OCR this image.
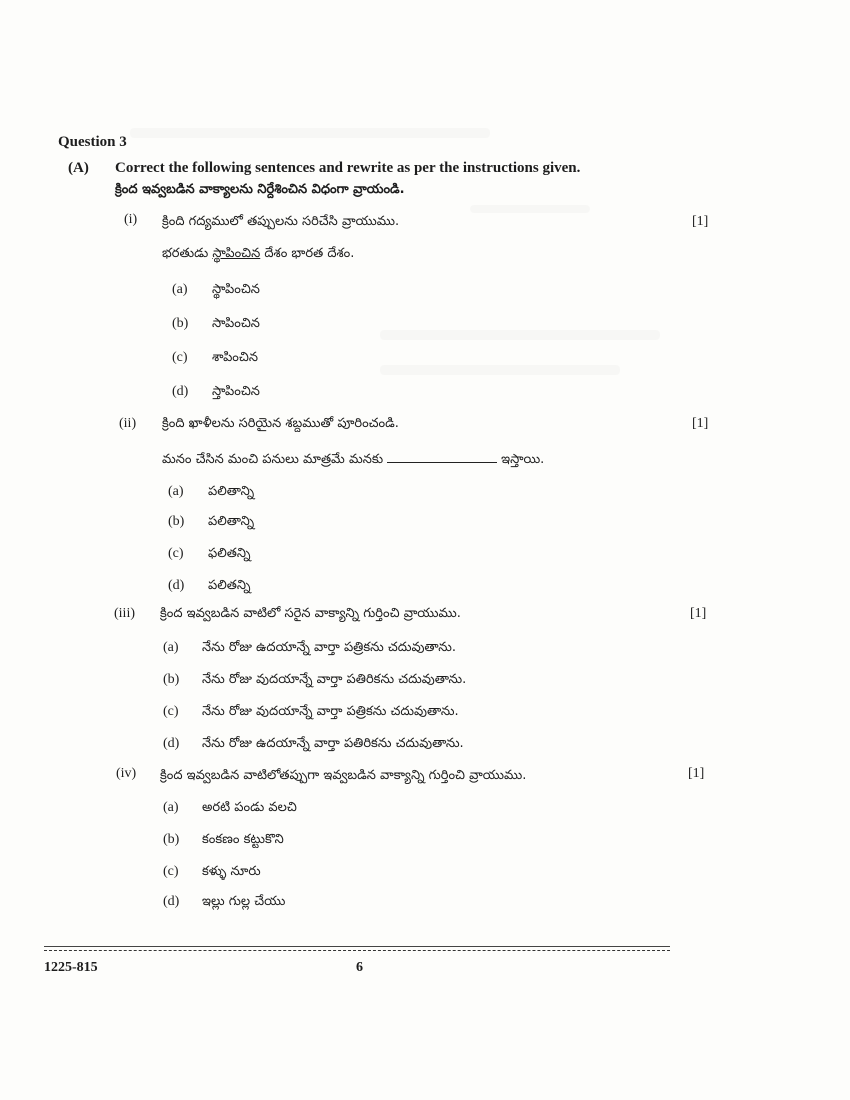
Question 3
(A) Correct the following sentences and rewrite as per the instructions given.
క్రింద ఇవ్వబడిన వాక్యాలను నిర్దేశించిన విధంగా వ్రాయండి.
(i) క్రింది గద్యములో తప్పులను సరిచేసి వ్రాయుము.	[1]
భరతుడు స్థాపించిన దేశం భారత దేశం.
(a) స్థాపించిన
(b) సాపించిన
(c) శాపించిన
(d) స్తాపించిన
(ii) క్రింది ఖాళీలను సరియైన శబ్దముతో పూరించండి.	[1]
మనం చేసిన మంచి పనులు మాత్రమే మనకు	ఇస్తాయి.
(a) పలితాన్ని
(b) పలితాన్ని
(c) ఫలితన్ని
(d) పలితన్ని
(iii) క్రింద ఇవ్వబడిన వాటిలో సరైన వాక్యాన్ని గుర్తించి వ్రాయుము.	[1]
(a) నేను రోజు ఉదయాన్నే వార్తా పత్రికను చదువుతాను.
(b) నేను రోజు వుదయాన్నే వార్తా పతిరికను చదువుతాను.
(c) నేను రోజు వుదయాన్నే వార్తా పత్రికను చదువుతాను.
(d) నేను రోజు ఉదయాన్నే వార్తా పతిరికను చదువుతాను.
(iv) క్రింద ఇవ్వబడిన వాటిలోతప్పుగా ఇవ్వబడిన వాక్యాన్ని గుర్తించి వ్రాయుము.	[1]
(a) అరటి పండు వలచి
(b) కంకణం కట్టుకొని
(c) కళ్ళు నూరు
(d) ఇల్లు గుల్ల చేయు
1225-815	6
